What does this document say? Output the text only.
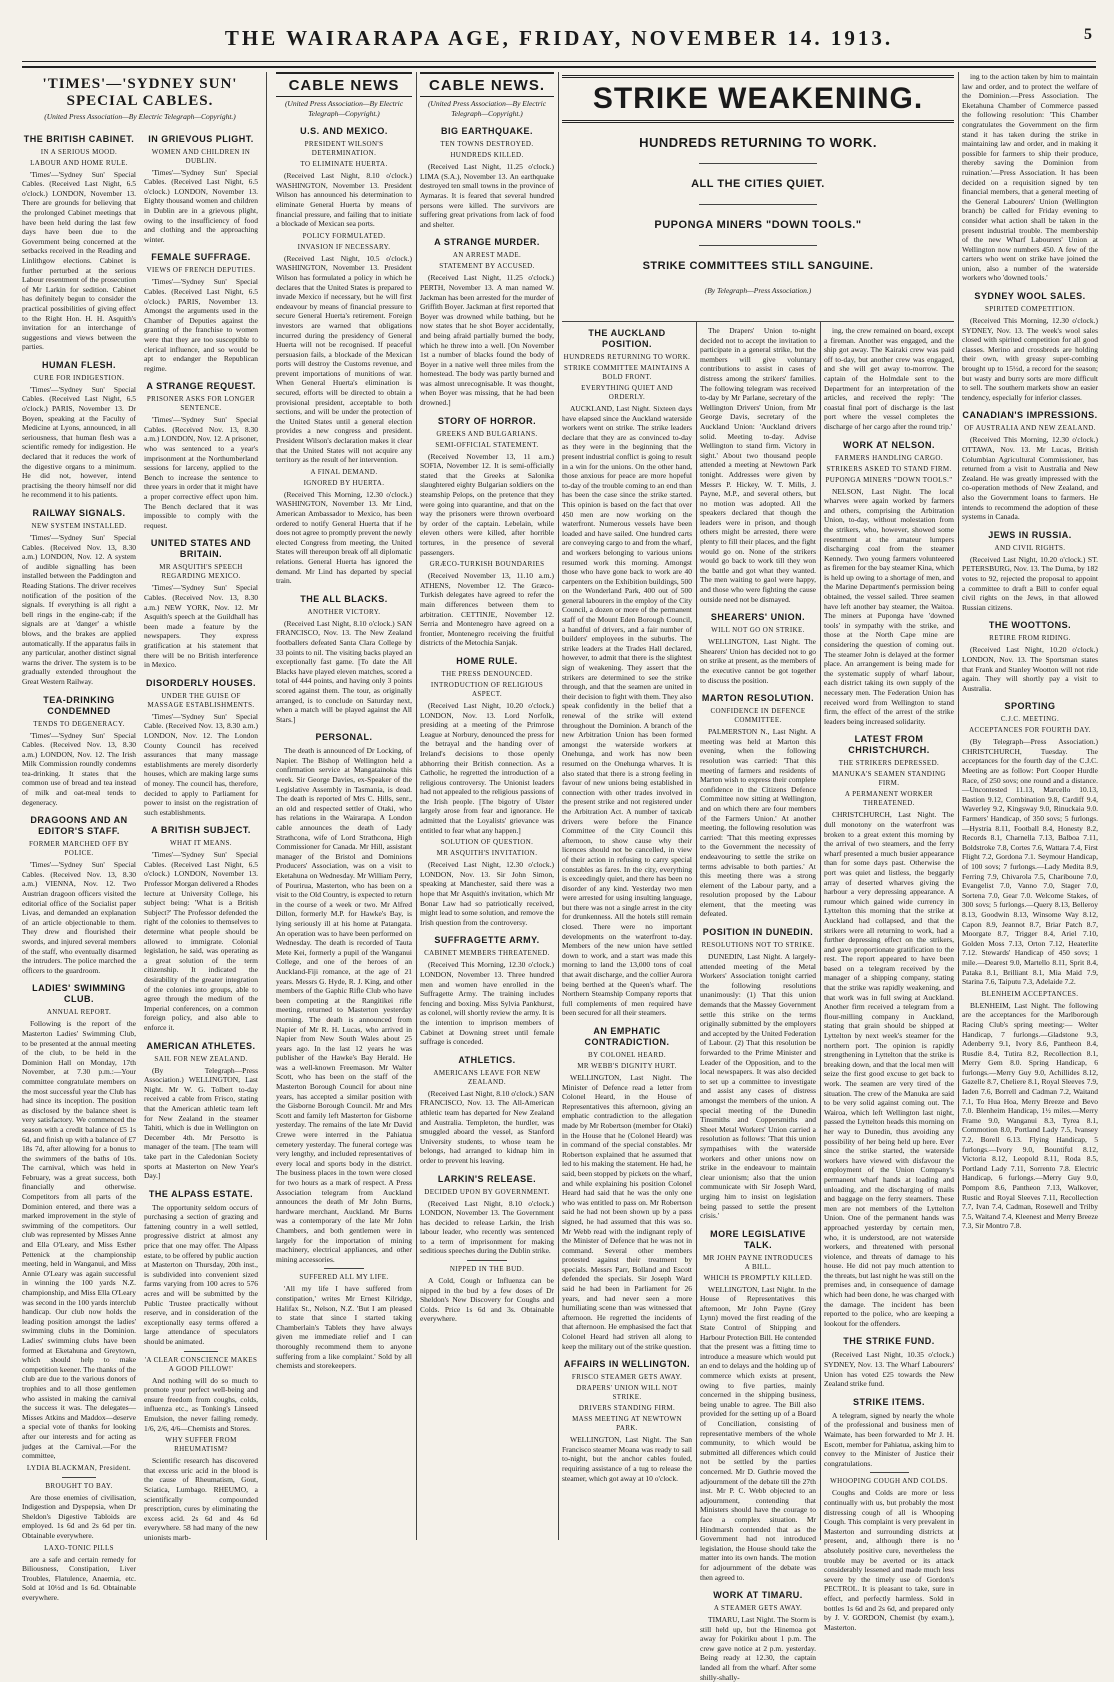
THE WAIRARAPA AGE, FRIDAY, NOVEMBER 14. 1913.	5
'TIMES'—'SYDNEY SUN' SPECIAL CABLES.
(United Press Association—By Electric Telegraph—Copyright.)
THE BRITISH CABINET.
IN A SERIOUS MOOD.
LABOUR AND HOME RULE.
'Times'—'Sydney Sun' Special Cables. (Received Last Night, 6.5 o'clock.) LONDON, November 13. There are grounds for believing that the prolonged Cabinet meetings that have been held during the last few days have been due to the Government being concerned at the setbacks received in the Reading and Linlithgow elections. Cabinet is further perturbed at the serious Labour resentment of the prosecution of Mr Larkin for sedition. Cabinet has definitely begun to consider the practical possibilities of giving effect to the Right Hon. H. H. Asquith's invitation for an interchange of suggestions and views between the parties.
HUMAN FLESH.
CURE FOR INDIGESTION.
'Times'—'Sydney Sun' Special Cables. (Received Last Night, 6.5 o'clock.) PARIS, November 13. Dr Boyen, speaking at the Faculty of Medicine at Lyons, announced, in all seriousness, that human flesh was a scientific remedy for indigestion. He declared that it reduces the work of the digestive organs to a minimum. He did not, however, intend practising the theory himself nor did he recommend it to his patients.
RAILWAY SIGNALS.
NEW SYSTEM INSTALLED.
'Times'—'Sydney Sun' Special Cables. (Received Nov. 13, 8.30 a.m.) LONDON, Nov. 12. A system of audible signalling has been installed between the Paddington and Reading Stations. The driver receives notification of the position of the signals. If everything is all right a bell rings in the engine-cab; if the signals are at 'danger' a whistle blows, and the brakes are applied automatically. If the apparatus fails in any particular, another distinct signal warns the driver. The system is to be gradually extended throughout the Great Western Railway.
TEA-DRINKING CONDEMNED
TENDS TO DEGENERACY.
'Times'—'Sydney Sun' Special Cables. (Received Nov. 13, 8.30 a.m.) LONDON, Nov. 12. The Irish Milk Commission roundly condemns tea-drinking. It states that the common use of bread and tea instead of milk and oat-meal tends to degeneracy.
DRAGOONS AND AN EDITOR'S STAFF.
FORMER MARCHED OFF BY POLICE.
'Times'—'Sydney Sun' Special Cables. (Received Nov. 13, 8.30 a.m.) VIENNA, Nov. 12. Two Austrian dragoon officers visited the editorial office of the Socialist paper Livas, and demanded an explanation of an article objectionable to them. They drew and flourished their swords, and injured several members of the staff, who eventually disarmed the intruders. The police marched the officers to the guardroom.
LADIES' SWIMMING CLUB.
ANNUAL REPORT.
Following is the report of the Masterton Ladies' Swimming Club, to be presented at the annual meeting of the club, to be held in the Dominion Hall on Monday, 17th November, at 7.30 p.m.:—Your committee congratulate members on the most successful year the Club has had since its inception. The position as disclosed by the balance sheet is very satisfactory. We commenced the season with a credit balance of £5 1s 6d, and finish up with a balance of £7 18s 7d, after allowing for a bonus to the swimmers of the baths of 10s. The carnival, which was held in February, was a great success, both financially and otherwise. Competitors from all parts of the Dominion entered, and there was a marked improvement in the style of swimming of the competitors. Our club was represented by Misses Anne and Ella O'Leary, and Miss Esther Pettenick at the championship meeting, held in Wanganui, and Miss Annie O'Leary was again successful in winning the 100 yards N.Z. championship, and Miss Ella O'Leary was second in the 100 yards interclub handicap. Our club now holds the leading position amongst the ladies' swimming clubs in the Dominion. Ladies' swimming clubs have been formed at Eketahuna and Greytown, which should help to make competition keener. The thanks of the club are due to the various donors of trophies and to all those gentlemen who assisted in making the carnival the success it was. The delegates—Misses Atkins and Maddox—deserve a special vote of thanks for looking after our interests and for acting as judges at the Carnival.—For the committee,
LYDIA BLACKMAN, President.
BROUGHT TO BAY.
Are those enemies of civilisation, Indigestion and Dyspepsia, when Dr Sheldon's Digestive Tabloids are employed. 1s 6d and 2s 6d per tin. Obtainable everywhere.
LAXO-TONIC PILLS
are a safe and certain remedy for Biliousness, Constipation, Liver Troubles, Flatulence, Anaemia, etc. Sold at 10½d and 1s 6d. Obtainable everywhere.
IN GRIEVOUS PLIGHT.
WOMEN AND CHILDREN IN DUBLIN.
'Times'—'Sydney Sun' Special Cables. (Received Last Night, 6.5 o'clock.) LONDON, November 13. Eighty thousand women and children in Dublin are in a grievous plight, owing to the insufficiency of food and clothing and the approaching winter.
FEMALE SUFFRAGE.
VIEWS OF FRENCH DEPUTIES.
'Times'—'Sydney Sun' Special Cables. (Received Last Night, 6.5 o'clock.) PARIS, November 13. Amongst the arguments used in the Chamber of Deputies against the granting of the franchise to women were that they are too susceptible to clerical influence, and so would be apt to endanger the Republican regime.
A STRANGE REQUEST.
PRISONER ASKS FOR LONGER SENTENCE.
'Times'—'Sydney Sun' Special Cables. (Received Nov. 13, 8.30 a.m.) LONDON, Nov. 12. A prisoner, who was sentenced to a year's imprisonment at the Northumberland sessions for larceny, applied to the Bench to increase the sentence to three years in order that it might have a proper corrective effect upon him. The Bench declared that it was impossible to comply with the request.
UNITED STATES AND BRITAIN.
MR ASQUITH'S SPEECH REGARDING MEXICO.
'Times'—'Sydney Sun' Special Cables. (Received Nov. 13, 8.30 a.m.) NEW YORK, Nov. 12. Mr Asquith's speech at the Guildhall has been made a feature by the newspapers. They express gratification at his statement that there will be no British interference in Mexico.
DISORDERLY HOUSES.
UNDER THE GUISE OF MASSAGE ESTABLISHMENTS.
'Times'—'Sydney Sun' Special Cable. (Received Nov. 13, 8.30 a.m.) LONDON, Nov. 12. The London County Council has received assurances that many massage establishments are merely disorderly houses, which are making large sums of money. The council has, therefore, decided to apply to Parliament for power to insist on the registration of such establishments.
A BRITISH SUBJECT.
WHAT IT MEANS.
'Times'—'Sydney Sun' Special Cables. (Received Last Night, 6.5 o'clock.) LONDON, November 13. Professor Morgan delivered a Rhodes lecture at University College, his subject being: 'What is a British Subject?' The Professor defended the right of the colonies to themselves to determine what people should be allowed to immigrate. Colonial legislation, he said, was operating as a great solution of the term citizenship. It indicated the desirability of the greater integration of the colonies into groups, able to agree through the medium of the Imperial conferences, on a common foreign policy, and also able to enforce it.
AMERICAN ATHLETES.
SAIL FOR NEW ZEALAND.
(By Telegraph—Press Association.) WELLINGTON, Last Night. Mr W. G. Tolbert to-day received a cable from Frisco, stating that the American athletic team left for New Zealand in the steamer Tahiti, which is due in Wellington on December 4th. Mr Persotto is manager of the team. [The team will take part in the Caledonian Society sports at Masterton on New Year's Day.]
THE ALPASS ESTATE.
The opportunity seldom occurs of purchasing a section of grazing and fattening country in a well settled, progressive district at almost any price that one may offer. The Alpass estate, to be offered by public auction at Masterton on Thursday, 20th inst., is subdivided into convenient sized farms varying from 100 acres to 576 acres and will be submitted by the Public Trustee practically without reserve, and in consideration of the exceptionally easy terms offered a large attendance of speculators should be animated.
'A CLEAR CONSCIENCE MAKES A GOOD PILLOW!'
And nothing will do so much to promote your perfect well-being and ensure freedom from coughs, colds, influenza etc., as Tonking's Linseed Emulsion, the never failing remedy. 1/6, 2/6, 4/6—Chemists and Stores.
WHY SUFFER FROM RHEUMATISM?
Scientific research has discovered that excess uric acid in the blood is the cause of Rheumatism, Gout, Sciatica, Lumbago. RHEUMO, a scientifically compounded prescription, cures by eliminating the excess acid. 2s 6d and 4s 6d everywhere. 58 had many of the new unionists marb-
CABLE NEWS
(United Press Association—By Electric Telegraph—Copyright.)
U.S. AND MEXICO.
PRESIDENT WILSON'S DETERMINATION.
TO ELIMINATE HUERTA.
(Received Last Night, 8.10 o'clock.) WASHINGTON, November 13. President Wilson has announced his determination to eliminate General Huerta by means of financial pressure, and failing that to initiate a blockade of Mexican sea ports.
POLICY FORMULATED.
INVASION IF NECESSARY.
(Received Last Night, 10.5 o'clock.) WASHINGTON, November 13. President Wilson has formulated a policy in which he declares that the United States is prepared to invade Mexico if necessary, but he will first endeavour by means of financial pressure to secure General Huerta's retirement. Foreign investors are warned that obligations incurred during the presidency of General Huerta will not be recognised. If peaceful persuasion fails, a blockade of the Mexican ports will destroy the Customs revenue, and prevent importations of munitions of war. When General Huerta's elimination is secured, efforts will be directed to obtain a provisional president, acceptable to both sections, and will be under the protection of the United States until a general election provides a new congress and president. President Wilson's declaration makes it clear that the United States will not acquire any territory as the result of her intervention.
A FINAL DEMAND.
IGNORED BY HUERTA.
(Received This Morning, 12.30 o'clock.) WASHINGTON, November 13. Mr Lind, American Ambassador to Mexico, has been ordered to notify General Huerta that if he does not agree to promptly prevent the newly elected Congress from meeting, the United States will thereupon break off all diplomatic relations. General Huerta has ignored the demand. Mr Lind has departed by special train.
THE ALL BLACKS.
ANOTHER VICTORY.
(Received Last Night, 8.10 o'clock.) SAN FRANCISCO, Nov. 13. The New Zealand footballers defeated Santa Clara College by 33 points to nil. The visiting backs played an exceptionally fast game. [To date the All Blacks have played eleven matches, scored a total of 444 points, and having only 3 points scored against them. The tour, as originally arranged, is to conclude on Saturday next, when a match will be played against the All Stars.]
PERSONAL.
The death is announced of Dr Locking, of Napier. The Bishop of Wellington held a confirmation service at Mangatainoka this week. Sir George Davies, ex-Speaker of the Legislative Assembly in Tasmania, is dead. The death is reported of Mrs C. Hills, senr., an old and respected settler of Otaki, who has relations in the Wairarapa. A London cable announces the death of Lady Strathcona, wife of Lord Strathcona, High Commissioner for Canada. Mr Hill, assistant manager of the Bristol and Dominions Producers' Association, was on a visit to Eketahuna on Wednesday. Mr William Perry, of Pourirua, Masterton, who has been on a visit to the Old Country, is expected to return in the course of a week or two. Mr Alfred Dillon, formerly M.P. for Hawke's Bay, is lying seriously ill at his home at Patangata. An operation was to have been performed on Wednesday. The death is recorded of Tauta Mete Kei, formerly a pupil of the Wanganui College, and one of the heroes of an Auckland-Fiji romance, at the age of 21 years. Messrs G. Hyde, R. J. King, and other members of the Gaphic Rifle Club who have been competing at the Rangitikei rifle meeting, returned to Masterton yesterday morning. The death is announced from Napier of Mr R. H. Lucas, who arrived in Napier from New South Wales about 25 years ago. In the last 12 years he was publisher of the Hawke's Bay Herald. He was a well-known Freemason. Mr Walter Scott, who has been on the staff of the Masterton Borough Council for about nine years, has accepted a similar position with the Gisborne Borough Council. Mr and Mrs Scott and family left Masterton for Gisborne yesterday. The remains of the late Mr David Crewe were interred in the Pahiatua cemetery yesterday. The funeral cortege was very lengthy, and included representatives of every local and sports body in the district. The business places in the town were closed for two hours as a mark of respect. A Press Association telegram from Auckland announces the death of Mr John Burns, hardware merchant, Auckland. Mr Burns was a contemporary of the late Mr John Chambers, and both gentlemen were in largely for the importation of mining machinery, electrical appliances, and other mining accessories.
SUFFERED ALL MY LIFE.
'All my life I have suffered from constipation,' writes Mr Ernest Kilridge, Halifax St., Nelson, N.Z. 'But I am pleased to state that since I started taking Chamberlain's Tablets they have always given me immediate relief and I can thoroughly recommend them to anyone suffering from a like complaint.' Sold by all chemists and storekeepers.
CABLE NEWS.
(United Press Association—By Electric Telegraph—Copyright.)
BIG EARTHQUAKE.
TEN TOWNS DESTROYED.
HUNDREDS KILLED.
(Received Last Night, 11.25 o'clock.) LIMA (S.A.), November 13. An earthquake destroyed ten small towns in the province of Aymaras. It is feared that several hundred persons were killed. The survivors are suffering great privations from lack of food and shelter.
A STRANGE MURDER.
AN ARREST MADE.
STATEMENT BY ACCUSED.
(Received Last Night, 11.25 o'clock.) PERTH, November 13. A man named W. Jackman has been arrested for the murder of Griffith Boyer. Jackman at first reported that Boyer was drowned while bathing, but he now states that he shot Boyer accidentally, and being afraid partially burned the body, which he threw into a well. [On November 1st a number of blacks found the body of Boyer in a native well three miles from the homestead. The body was partly burned and was almost unrecognisable. It was thought, when Boyer was missing, that he had been drowned.]
STORY OF HORROR.
GREEKS AND BULGARIANS.
SEMI-OFFICIAL STATEMENT.
(Received November 13, 11 a.m.) SOFIA, November 12. It is semi-officially stated that the Greeks at Salonika slaughtered eighty Bulgarian soldiers on the steamship Pelops, on the pretence that they were going into quarantine, and that on the way the prisoners were thrown overboard by order of the captain. Lebelain, while eleven others were killed, after horrible tortures, in the presence of several passengers.
GRÆCO-TURKISH BOUNDARIES
(Received November 13, 11.10 a.m.) ATHENS, November 12. The Græco-Turkish delegates have agreed to refer the main differences between them to arbitration. CETTINJE, November 12. Serria and Montenegro have agreed on a frontier, Montenegro receiving the fruitful districts of the Metochia Sanjak.
HOME RULE.
THE PRESS DENOUNCED.
INTRODUCTION OF RELIGIOUS ASPECT.
(Received Last Night, 10.20 o'clock.) LONDON, Nov. 13. Lord Norfolk, presiding at a meeting of the Primrose League at Norbury, denounced the press for the betrayal and the handing over of Ireland's decisions to those openly abhorring their British connection. As a Catholic, he regretted the introduction of a religious controversy. The Unionist leaders had not appealed to the religious passions of the Irish people. [The bigotry of Ulster largely arose from fear and ignorance. He admitted that the Loyalists' grievance was entitled to fear what any happen.]
SOLUTION OF QUESTION.
MR ASQUITH'S INVITATION.
(Received Last Night, 12.30 o'clock.) LONDON, Nov. 13. Sir John Simon, speaking at Manchester, said there was a hope that Mr Asquith's invitation, which Mr Bonar Law had so patriotically received, might lead to some solution, and remove the Irish question from the controversy.
SUFFRAGETTE ARMY.
CABINET MEMBERS THREATENED.
(Received This Morning, 12.30 o'clock.) LONDON, November 13. Three hundred men and women have enrolled in the Suffragette Army. The training includes fencing and boxing. Miss Sylvia Pankhurst, as colonel, will shortly review the army. It is the intention to imprison members of Cabinet at Downing street until female suffrage is conceded.
ATHLETICS.
AMERICANS LEAVE FOR NEW ZEALAND.
(Received Last Night, 8.10 o'clock.) SAN FRANCISCO, Nov. 13. The All-American athletic team has departed for New Zealand and Australia. Templeton, the hurdler, was smuggled aboard the vessel, as Stanford University students, to whose team he belongs, had arranged to kidnap him in order to prevent his leaving.
LARKIN'S RELEASE.
DECIDED UPON BY GOVERNMENT.
(Received Last Night, 8.10 o'clock.) LONDON, November 13. The Government has decided to release Larkin, the Irish labour leader, who recently was sentenced to a term of imprisonment for making seditious speeches during the Dublin strike.
NIPPED IN THE BUD.
A Cold, Cough or Influenza can be nipped in the bud by a few doses of Dr Sheldon's New Discovery for Coughs and Colds. Price 1s 6d and 3s. Obtainable everywhere.
STRIKE WEAKENING.
HUNDREDS RETURNING TO WORK.
ALL THE CITIES QUIET.
PUPONGA MINERS "DOWN TOOLS."
STRIKE COMMITTEES STILL SANGUINE.
(By Telegraph—Press Association.)
THE AUCKLAND POSITION.
HUNDREDS RETURNING TO WORK.
STRIKE COMMITTEE MAINTAINS A BOLD FRONT.
EVERYTHING QUIET AND ORDERLY.
AUCKLAND, Last Night. Sixteen days have elapsed since the Auckland waterside workers went on strike. The strike leaders declare that they are as convinced to-day as they were in the beginning that the present industrial conflict is going to result in a win for the unions. On the other hand, those anxious for peace are more hopeful to-day of the trouble coming to an end than has been the case since the strike started. This opinion is based on the fact that over 450 men are now working on the waterfront. Numerous vessels have been loaded and have sailed. One hundred carts are conveying cargo to and from the wharf, and workers belonging to various unions resumed work this morning. Amongst those who have gone back to work are 40 carpenters on the Exhibition buildings, 500 on the Wonderland Park, 400 out of 500 general labourers in the employ of the City Council, a dozen or more of the permanent staff of the Mount Eden Borough Council, a handful of drivers, and a fair number of builders' employees in the suburbs. The strike leaders at the Trades Hall declared, however, to admit that there is the slightest sign of weakening. They assert that the strikers are determined to see the strike through, and that the seamen are united in their decision to fight with them. They also speak confidently in the belief that a renewal of the strike will extend throughout the Dominion. A branch of the new Arbitration Union has been formed amongst the waterside workers at Onehunga, and work has now been resumed on the Onehunga wharves. It is also stated that there is a strong feeling in favour of new unions being established in connection with other trades involved in the present strike and not registered under the Arbitration Act. A number of taxicab drivers were before the Finance Committee of the City Council this afternoon, to show cause why their licences should not be cancelled, in view of their action in refusing to carry special constables as fares. In the city, everything is exceedingly quiet, and there has been no disorder of any kind. Yesterday two men were arrested for using insulting language, but there was not a single arrest in the city for drunkenness. All the hotels still remain closed. There were no important developments on the waterfront to-day. Members of the new union have settled down to work, and a start was made this morning to land the 13,000 tons of coal that await discharge, and the collier Aurora being berthed at the Queen's wharf. The Northern Steamship Company reports that full complements of men required have been secured for all their steamers.
AN EMPHATIC CONTRADICTION.
BY COLONEL HEARD.
MR WEBB'S DIGNITY HURT.
WELLINGTON, Last Night. The Minister of Defence read a letter from Colonel Heard, in the House of Representatives this afternoon, giving an emphatic contradiction to the allegation made by Mr Robertson (member for Otaki) in the House that he (Colonel Heard) was in command of the special constables. Mr Robertson explained that he assumed that led to his making the statement. He had, he said, been stopped by pickets on the wharf, and while explaining his position Colonel Heard had said that he was the only one who was entitled to pass on. Mr Robertson said he had not been shown up by a pass signed, he had assumed that this was so. Mr Webb read with the indignant reply of the Minister of Defence that he was not in command. Several other members protested against their treatment by specials. Messrs Parr, Bolland and Escott defended the specials. Sir Joseph Ward said he had been in Parliament for 26 years, and had never seen a more humiliating scene than was witnessed that afternoon. He regretted the incidents of that afternoon. He emphasised the fact that Colonel Heard had striven all along to keep the military out of the strike question.
AFFAIRS IN WELLINGTON.
FRISCO STEAMER GETS AWAY.
DRAPERS' UNION WILL NOT STRIKE.
DRIVERS STANDING FIRM.
MASS MEETING AT NEWTOWN PARK.
WELLINGTON, Last Night. The San Francisco steamer Moana was ready to sail to-night, but the anchor cables fouled, requiring assistance of a tug to release the steamer, which got away at 10 o'clock.
The Drapers' Union to-night decided not to accept the invitation to participate in a general strike, but the members will give voluntary contributions to assist in cases of distress among the strikers' families. The following telegram was received to-day by Mr Parlane, secretary of the Wellington Drivers' Union, from Mr George Davis, secretary of the Auckland Union: 'Auckland drivers solid. Meeting to-day. Advise Wellington to stand firm. Victory in sight.' About two thousand people attended a meeting at Newtown Park tonight. Addresses were given by Messrs P. Hickey, W. T. Mills, J. Payne, M.P., and several others, but no motion was adopted. All the speakers declared that though the leaders were in prison, and though others might be arrested, there were plenty to fill their places, and the fight would go on. None of the strikers would go back to work till they won the battle and got what they wanted. The men waiting to gaol were happy, and those who were fighting the cause outside need not be dismayed.
SHEARERS' UNION.
WILL NOT GO ON STRIKE.
WELLINGTON, Last Night. The Shearers' Union has decided not to go on strike at present, as the members of the executive cannot be got together to discuss the position.
MARTON RESOLUTION.
CONFIDENCE IN DEFENCE COMMITTEE.
PALMERSTON N., Last Night. A meeting was held at Marton this evening, when the following resolution was carried: 'That this meeting of farmers and residents of Marton wish to express their complete confidence in the Citizens Defence Committee now sitting at Wellington, and on which there are four members of the Farmers Union.' At another meeting, the following resolution was carried: 'That this meeting expresses to the Government the necessity of endeavouring to settle the strike on terms advisable to both parties.' At this meeting there was a strong element of the Labour party, and a resolution proposed by the Labour element, that the meeting was defeated.
POSITION IN DUNEDIN.
RESOLUTIONS NOT TO STRIKE.
DUNEDIN, Last Night. A largely-attended meeting of the Metal Workers' Association tonight carried the following resolutions unanimously: (1) That this union demands that the Massey Government settle this strike on the terms originally submitted by the employers and accepted by the United Federation of Labour. (2) That this resolution be forwarded to the Prime Minister and Leader of the Opposition, and to the local newspapers. It was also decided to set up a committee to investigate and assist any cases of distress amongst the members of the union. A special meeting of the Dunedin Tinsmiths and Coppersmiths and Sheet Metal Workers' Union carried a resolution as follows: 'That this union sympathises with the waterside workers and other unions now on strike in the endeavour to maintain clear unionism; also that the union communicate with Sir Joseph Ward, urging him to insist on legislation being passed to settle the present crisis.'
MORE LEGISLATIVE TALK.
MR JOHN PAYNE INTRODUCES A BILL.
WHICH IS PROMPTLY KILLED.
WELLINGTON, Last Night. In the House of Representatives this afternoon, Mr John Payne (Grey Lynn) moved the first reading of the State Control of Shipping and Harbour Protection Bill. He contended that the present was a fitting time to introduce a measure which would put an end to delays and the holding up of commerce which exists at present, owing to five parties, mainly concerned in the shipping business, being unable to agree. The Bill also provided for the setting up of a Board of Conciliation, consisting of representative members of the whole community, to which would be submitted all differences which could not be settled by the parties concerned. Mr D. Guthrie moved the adjournment of the debate till the 27th inst. Mr P. C. Webb objected to an adjournment, contending that Ministers should have the courage to face a complex situation. Mr Hindmarsh contended that as the Government had not introduced legislation, the House should take the matter into its own hands. The motion for adjournment of the debate was then agreed to.
WORK AT TIMARU.
A STEAMER GETS AWAY.
TIMARU, Last Night. The Storm is still held up, but the Hinemoa got away for Pokiriku about 1 p.m. The crew gave notice at 2 p.m. yesterday. Being ready at 12.30, the captain landed all from the wharf. After some shilly-shally-
ing, the crew remained on board, except a fireman. Another was engaged, and the ship got away. The Kairaki crew was paid off to-day, but another crew was engaged, and she will get away to-morrow. The captain of the Holmdale sent to the Department for an interpretation of the articles, and received the reply: 'The coastal final port of discharge is the last port where the vessel completes the discharge of her cargo after the round trip.'
WORK AT NELSON.
FARMERS HANDLING CARGO.
STRIKERS ASKED TO STAND FIRM.
PUPONGA MINERS "DOWN TOOLS."
NELSON, Last Night. The local wharves were again worked by farmers and others, comprising the Arbitration Union, to-day, without molestation from the strikers, who, however, showed some resentment at the amateur lumpers discharging coal from the steamer Kennedy. Two young farmers volunteered as firemen for the bay steamer Kina, which is held up owing to a shortage of men, and the Marine Department's permission being obtained, the vessel sailed. Three seamen have left another bay steamer, the Waitoa. The miners at Puponga have 'downed tools' in sympathy with the strike, and those at the North Cape mine are considering the question of coming out. The steamer John is delayed at the former place. An arrangement is being made for the systematic supply of wharf labour, each district taking its own supply of the necessary men. The Federation Union has received word from Wellington to stand firm, the effect of the arrest of the strike leaders being increased solidarity.
LATEST FROM CHRISTCHURCH.
THE STRIKERS DEPRESSED.
MANUKA'S SEAMEN STANDING FIRM.
A PERMANENT WORKER THREATENED.
CHRISTCHURCH, Last Night. The dull monotony on the waterfront was broken to a great extent this morning by the arrival of two steamers, and the ferry wharf presented a much busier appearance than for some days past. Otherwise the port was quiet and listless, the beggarly array of deserted wharves giving the harbour a very depressing appearance. A rumour which gained wide currency in Lyttelton this morning that the strike at Auckland had collapsed, and that the strikers were all returning to work, had a further depressing effect on the strikers, and gave proportionate gratification to the rest. The report appeared to have been based on a telegram received by the manager of a shipping company, stating that the strike was rapidly weakening, and that work was in full swing at Auckland. Another firm received a telegram from a flour-milling company in Auckland, stating that grain should be shipped at Lyttelton by next week's steamer for the northern port. The opinion is rapidly strengthening in Lyttelton that the strike is breaking down, and that the local men will seize the first good excuse to get back to work. The seamen are very tired of the situation. The crew of the Manuka are said to be very solid against coming out. The Wairoa, which left Wellington last night, passed the Lyttelton heads this morning on her way to Dunedin, thus avoiding any possibility of her being held up here. Ever since the strike started, the waterside workers have viewed with disfavour the employment of the Union Company's permanent wharf hands at loading and unloading, and the discharging of mails and baggage on the ferry steamers. These men are not members of the Lyttelton Union. One of the permanent hands was approached yesterday by certain men, who, it is understood, are not waterside workers, and threatened with personal violence, and threats of damage to his house. He did not pay much attention to the threats, but last night he was still on the premises and, in consequence of damage which had been done, he was charged with the damage. The incident has been reported to the police, who are keeping a lookout for the offenders.
THE STRIKE FUND.
(Received Last Night, 10.35 o'clock.) SYDNEY, Nov. 13. The Wharf Labourers' Union has voted £25 towards the New Zealand strike fund.
STRIKE ITEMS.
A telegram, signed by nearly the whole of the professional and business men of Waimate, has been forwarded to Mr J. H. Escott, member for Pahiatua, asking him to convey to the Minister of Justice their congratulations.
WHOOPING COUGH AND COLDS.
Coughs and Colds are more or less continually with us, but probably the most distressing cough of all is Whooping Cough. This complaint is very prevalent in Masterton and surrounding districts at present, and, although there is no absolutely positive cure, nevertheless the trouble may be averted or its attack considerably lessened and made much less severe by the timely use of Gordon's PECTROL. It is pleasant to take, sure in effect, and perfectly harmless. Sold in bottles 1s 6d and 2s 6d, and prepared only by J. V. GORDON, Chemist (by exam.), Masterton.
ing to the action taken by him to maintain law and order, and to protect the welfare of the Dominion.—Press Association. The Eketahuna Chamber of Commerce passed the following resolution: 'This Chamber congratulates the Government on the firm stand it has taken during the strike in maintaining law and order, and in making it possible for farmers to ship their produce, thereby saving the Dominion from ruination.'—Press Association. It has been decided on a requisition signed by ten financial members, that a general meeting of the General Labourers' Union (Wellington branch) be called for Friday evening to consider what action shall be taken in the present industrial trouble. The membership of the new Wharf Labourers' Union at Wellington now numbers 450. A few of the carters who went on strike have joined the union, also a number of the waterside workers who 'downed tools.'
SYDNEY WOOL SALES.
SPIRITED COMPETITION.
(Received This Morning, 12.30 o'clock.) SYDNEY, Nov. 13. The week's wool sales closed with spirited competition for all good classes. Merino and crossbreds are holding their own, with greasy super-combing brought up to 15½d, a record for the season; but wasty and burry sorts are more difficult to sell. The southern markets show an easier tendency, especially for inferior classes.
CANADIAN'S IMPRESSIONS.
OF AUSTRALIA AND NEW ZEALAND.
(Received This Morning, 12.30 o'clock.) OTTAWA, Nov. 13. Mr Lucas, British Columbian Agricultural Commissioner, has returned from a visit to Australia and New Zealand. He was greatly impressed with the co-operation methods of New Zealand, and also the Government loans to farmers. He intends to recommend the adoption of these systems in Canada.
JEWS IN RUSSIA.
AND CIVIL RIGHTS.
(Received Last Night, 10.20 o'clock.) ST. PETERSBURG, Nov. 13. The Duma, by 182 votes to 92, rejected the proposal to appoint a committee to draft a Bill to confer equal civil rights on the Jews, in that allowed Russian citizens.
THE WOOTTONS.
RETIRE FROM RIDING.
(Received Last Night, 10.20 o'clock.) LONDON, Nov. 13. The Sportsman states that Frank and Stanley Wootton will not ride again. They will shortly pay a visit to Australia.
SPORTING
C.J.C. MEETING.
ACCEPTANCES FOR FOURTH DAY.
(By Telegraph—Press Association.) CHRISTCHURCH, Tuesday. The acceptances for the fourth day of the C.J.C. Meeting are as follow: Port Cooper Hurdle Race, of 250 sovs; one round and a distance.—Uncontested 11.13, Marcello 10.13, Bastion 9.12, Combination 9.8, Cardiff 9.4, Waverley 9.2, Kingsway 9.0, Rinuckaia 9.0. Farmers' Handicap, of 350 sovs; 5 furlongs.—Hystria 8.11, Football 8.4, Honesty 8.2, Records 8.1, Charnella 7.13, Balboa 7.11, Boldstroke 7.8, Cortes 7.6, Wattara 7.4, First Flight 7.2, Gordona 7.1. Seymour Handicap, of 100 sovs; 7 furlongs.—Lady Medita 8.9, Ferring 7.9, Chivarola 7.5, Chariboune 7.0, Evangelist 7.0, Vanno 7.0, Stager 7.0, Sortena 7.0, Gear 7.0. Welcome Stakes, of 300 sovs; 5 furlongs.—Query 8.13, Belleroy 8.13, Goodwin 8.13, Winsome Way 8.12, Capon 8.9, Jeannot 8.7, Briar Patch 8.7, Moorgate 8.7, Trigger 8.4, Ariel 7.10, Golden Moss 7.13, Orton 7.12, Heaterlite 7.12. Stewards' Handicap of 450 sovs; 1 mile.—Dearest 9.0, Martello 8.11, Sprit 8.4, Pataka 8.1, Brilliant 8.1, Mia Maid 7.9, Starina 7.6, Taiputu 7.3, Adelaide 7.2.
BLENHEIM ACCEPTANCES.
BLENHEIM, Last Night. The following are the acceptances for the Marlborough Racing Club's spring meeting:— Welter Handicap, 7 furlongs.—Gladstone 9.3, Adenberry 9.1, Ivory 8.6, Pantheon 8.4, Rusdie 8.4, Tutira 8.2, Recollection 8.1, Merry Gem 8.0. Spring Handicap, 6 furlongs.—Merry Guy 9.0, Achillides 8.12, Gazelle 8.7, Cheliere 8.1, Royal Sleeves 7.9, Iaden 7.6, Borrell and Cadman 7.2, Waitand 7.1, To Hua Hoa, Merry Breeze and Bevo 7.0. Blenheim Handicap, 1½ miles.—Merry Frame 9.0, Wanganui 8.3, Tyrea 8.1, Commotion 8.0, Portland Lady 7.5, Ivansey 7.2, Borell 6.13. Flying Handicap, 5 furlongs.—Ivory 9.0, Bountiful 8.12, Victoria 8.12, Leopold 8.11, Roda 8.5, Portland Lady 7.11, Sorrento 7.8. Electric Handicap, 6 furlongs.—Merry Guy 9.0, Pompom 8.6, Pantheon 7.13, Walkover, Rustic and Royal Sleeves 7.11, Recollection 7.7, Ivan 7.4, Cadman, Rosewell and Trilby 7.5, Waitand 7.4, Kleenest and Merry Breeze 7.3, Sir Montro 7.8.
